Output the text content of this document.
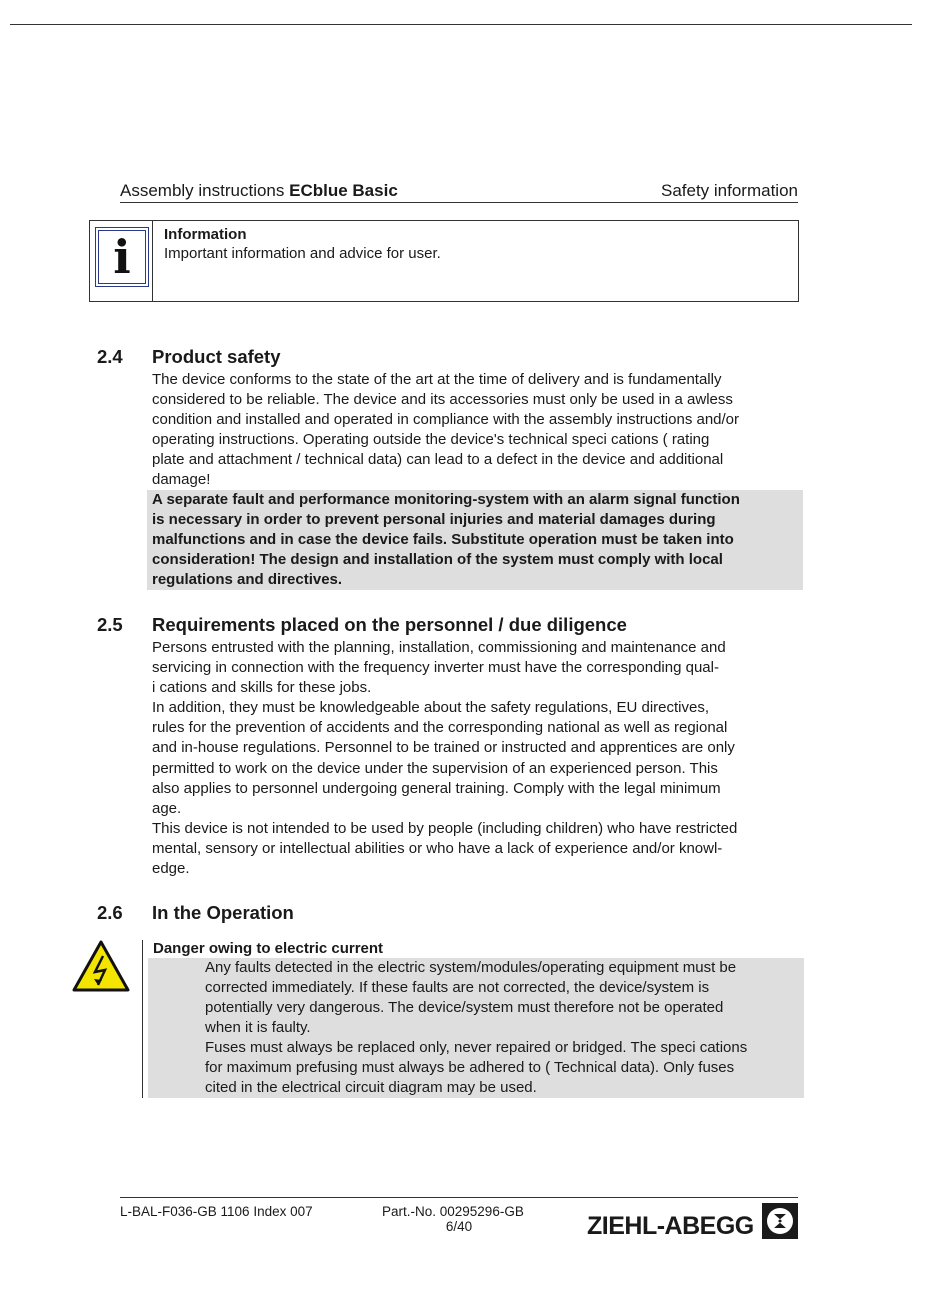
Assembly instructions ECblue Basic	Safety information
i	Information
Important information and advice for user.
2.4 Product safety

The device conforms to the state of the art at the time of delivery and is fundamentally

considered to be reliable. The device and its accessories must only be used in a awless

condition and installed and operated in compliance with the assembly instructions and/or

operating instructions. Operating outside the device's technical speci cations ( rating

plate and attachment / technical data) can lead to a defect in the device and additional

damage!

A separate fault and performance monitoring-system with an alarm signal function
is necessary in order to prevent personal injuries and material damages during
malfunctions and in case the device fails. Substitute operation must be taken into
consideration! The design and installation of the system must comply with local
regulations and directives.
2.5 Requirements placed on the personnel / due diligence

Persons entrusted with the planning, installation, commissioning and maintenance and

servicing in connection with the frequency inverter must have the corresponding qual-

i cations and skills for these jobs.

In addition, they must be knowledgeable about the safety regulations, EU directives,

rules for the prevention of accidents and the corresponding national as well as regional

and in-house regulations. Personnel to be trained or instructed and apprentices are only

permitted to work on the device under the supervision of an experienced person. This

also applies to personnel undergoing general training. Comply with the legal minimum

age.

This device is not intended to be used by people (including children) who have restricted

mental, sensory or intellectual abilities or who have a lack of experience and/or knowl-

edge.

2.6 In the Operation
Any faults detected in the electric system/modules/operating equipment must be
corrected immediately. If these faults are not corrected, the device/system is
potentially very dangerous. The device/system must therefore not be operated
when it is faulty.
Fuses must always be replaced only, never repaired or bridged. The speci cations
for maximum prefusing must always be adhered to ( Technical data). Only fuses
cited in the electrical circuit diagram may be used.
Danger owing to electric current
L-BAL-F036-GB 1106 Index 007	Part.-No. 00295296-GB
6/40	ZIEHL-ABEGG
